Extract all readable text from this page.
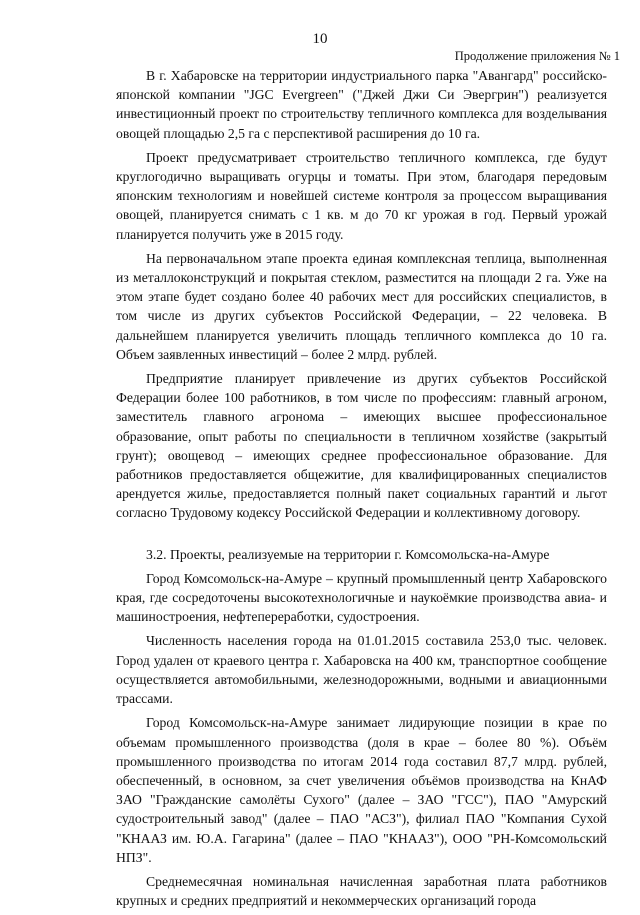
10
Продолжение приложения № 1

В г. Хабаровске на территории индустриального парка "Авангард" российско-японской компании "JGC Evergreen" ("Джей Джи Си Эвергрин") реализуется инвестиционный проект по строительству тепличного комплекса для возделывания овощей площадью 2,5 га с перспективой расширения до 10 га.

Проект предусматривает строительство тепличного комплекса, где будут круглогодично выращивать огурцы и томаты. При этом, благодаря передовым японским технологиям и новейшей системе контроля за процессом выращивания овощей, планируется снимать с 1 кв. м до 70 кг урожая в год. Первый урожай планируется получить уже в 2015 году.

На первоначальном этапе проекта единая комплексная теплица, выполненная из металлоконструкций и покрытая стеклом, разместится на площади 2 га. Уже на этом этапе будет создано более 40 рабочих мест для российских специалистов, в том числе из других субъектов Российской Федерации, – 22 человека. В дальнейшем планируется увеличить площадь тепличного комплекса до 10 га. Объем заявленных инвестиций – более 2 млрд. рублей.

Предприятие планирует привлечение из других субъектов Российской Федерации более 100 работников, в том числе по профессиям: главный агроном, заместитель главного агронома – имеющих высшее профессиональное образование, опыт работы по специальности в тепличном хозяйстве (закрытый грунт); овощевод – имеющих среднее профессиональное образование. Для работников предоставляется общежитие, для квалифицированных специалистов арендуется жилье, предоставляется полный пакет социальных гарантий и льгот согласно Трудовому кодексу Российской Федерации и коллективному договору.

3.2. Проекты, реализуемые на территории г. Комсомольска-на-Амуре

Город Комсомольск-на-Амуре – крупный промышленный центр Хабаровского края, где сосредоточены высокотехнологичные и наукоёмкие производства авиа- и машиностроения, нефтепереработки, судостроения.

Численность населения города на 01.01.2015 составила 253,0 тыс. человек. Город удален от краевого центра г. Хабаровска на 400 км, транспортное сообщение осуществляется автомобильными, железнодорожными, водными и авиационными трассами.

Город Комсомольск-на-Амуре занимает лидирующие позиции в крае по объемам промышленного производства (доля в крае – более 80 %). Объём промышленного производства по итогам 2014 года составил 87,7 млрд. рублей, обеспеченный, в основном, за счет увеличения объёмов производства на КнАФ ЗАО "Гражданские самолёты Сухого" (далее – ЗАО "ГСС"), ПАО "Амурский судостроительный завод" (далее – ПАО "АСЗ"), филиал ПАО "Компания Сухой "КНААЗ им. Ю.А. Гагарина" (далее – ПАО "КНААЗ"), ООО "РН-Комсомольский НПЗ".

Среднемесячная номинальная начисленная заработная плата работников крупных и средних предприятий и некоммерческих организаций города
